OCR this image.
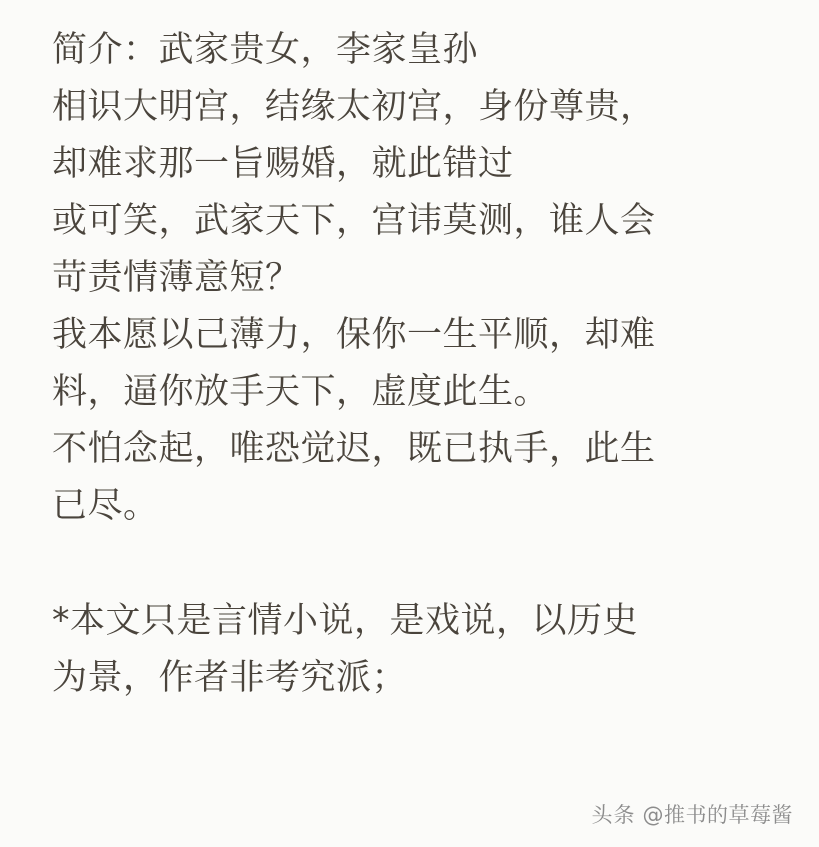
简介：武家贵女，李家皇孙

相识大明宫，结缘太初宫，身份尊贵，

却难求那一旨赐婚，就此错过

或可笑，武家天下，宫讳莫测，谁人会

苛责情薄意短？

我本愿以己薄力，保你一生平顺，却难

料，逼你放手天下，虚度此生。

不怕念起，唯恐觉迟，既已执手，此生

已尽。

*本文只是言情小说，是戏说，以历史

为景，作者非考究派；

头条 @推书的草莓酱
